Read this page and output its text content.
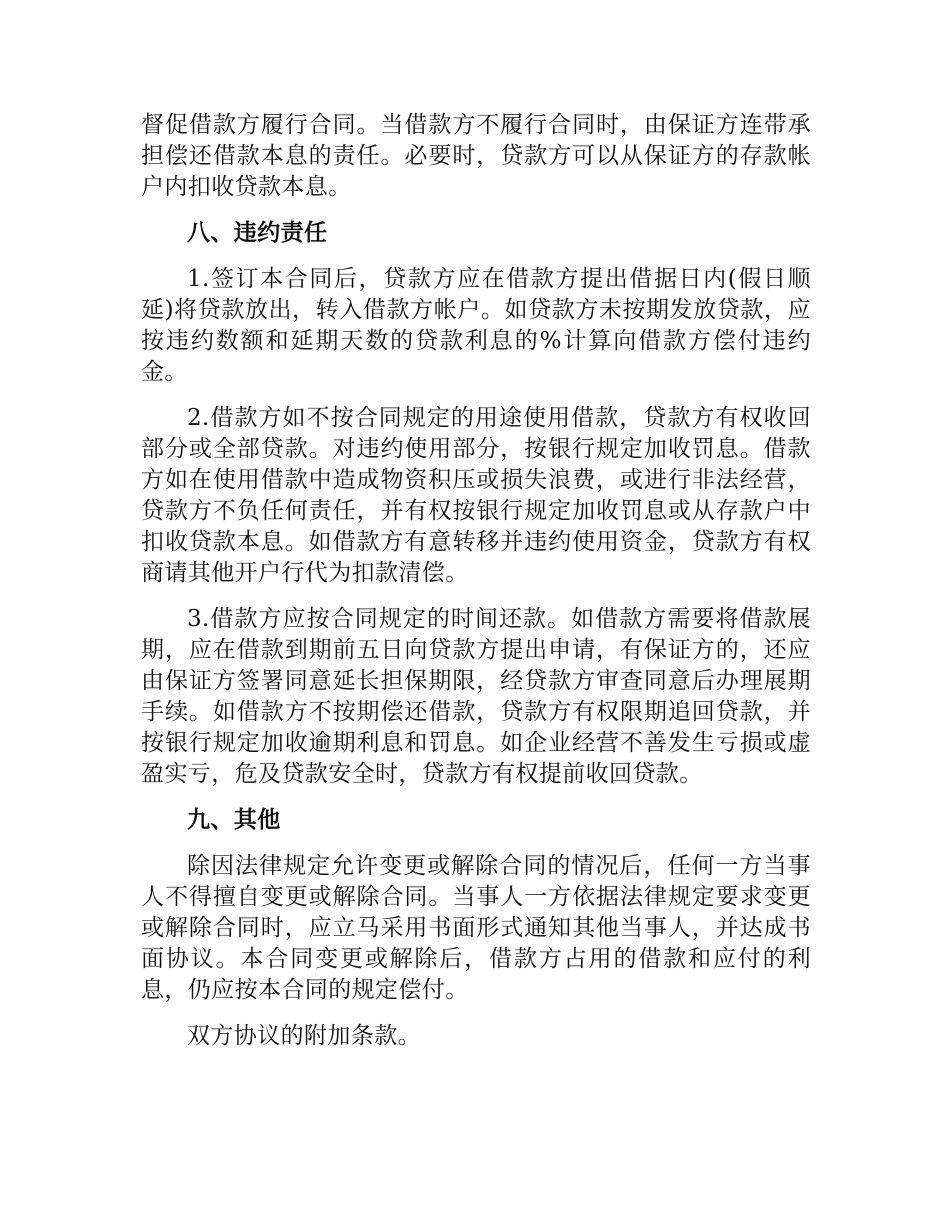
督促借款方履行合同。当借款方不履行合同时，由保证方连带承担偿还借款本息的责任。必要时，贷款方可以从保证方的存款帐户内扣收贷款本息。

八、违约责任

1.签订本合同后，贷款方应在借款方提出借据日内(假日顺延)将贷款放出，转入借款方帐户。如贷款方未按期发放贷款，应按违约数额和延期天数的贷款利息的%计算向借款方偿付违约金。

2.借款方如不按合同规定的用途使用借款，贷款方有权收回部分或全部贷款。对违约使用部分，按银行规定加收罚息。借款方如在使用借款中造成物资积压或损失浪费，或进行非法经营，贷款方不负任何责任，并有权按银行规定加收罚息或从存款户中扣收贷款本息。如借款方有意转移并违约使用资金，贷款方有权商请其他开户行代为扣款清偿。

3.借款方应按合同规定的时间还款。如借款方需要将借款展期，应在借款到期前五日向贷款方提出申请，有保证方的，还应由保证方签署同意延长担保期限，经贷款方审查同意后办理展期手续。如借款方不按期偿还借款，贷款方有权限期追回贷款，并按银行规定加收逾期利息和罚息。如企业经营不善发生亏损或虚盈实亏，危及贷款安全时，贷款方有权提前收回贷款。

九、其他

除因法律规定允许变更或解除合同的情况后，任何一方当事人不得擅自变更或解除合同。当事人一方依据法律规定要求变更或解除合同时，应立马采用书面形式通知其他当事人，并达成书面协议。本合同变更或解除后，借款方占用的借款和应付的利息，仍应按本合同的规定偿付。

双方协议的附加条款。
